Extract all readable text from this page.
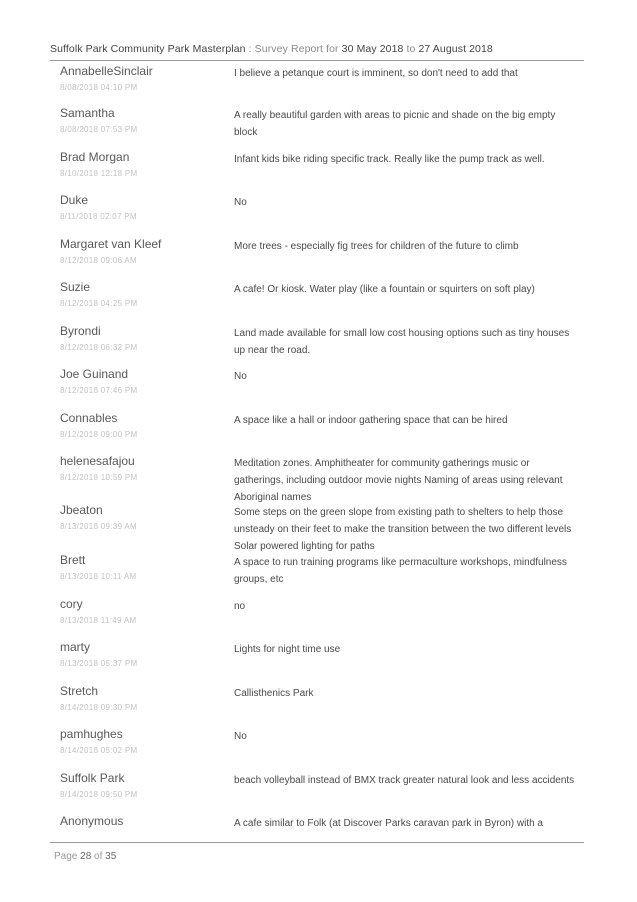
Suffolk Park Community Park Masterplan : Survey Report for 30 May 2018 to 27 August 2018
AnnabelleSinclair
8/08/2018 04:10 PM
I believe a petanque court is imminent, so don't need to add that
Samantha
8/08/2018 07:53 PM
A really beautiful garden with areas to picnic and shade on the big empty block
Brad Morgan
8/10/2018 12:18 PM
Infant kids bike riding specific track. Really like the pump track as well.
Duke
8/11/2018 02:07 PM
No
Margaret van Kleef
8/12/2018 09:06 AM
More trees - especially fig trees for children of the future to climb
Suzie
8/12/2018 04:25 PM
A cafe! Or kiosk. Water play (like a fountain or squirters on soft play)
Byrondi
8/12/2018 06:32 PM
Land made available for small low cost housing options such as tiny houses up near the road.
Joe Guinand
8/12/2018 07:46 PM
No
Connables
8/12/2018 09:00 PM
A space like a hall or indoor gathering space that can be hired
helenesafajou
8/12/2018 10:59 PM
Meditation zones. Amphitheater for community gatherings music or gatherings, including outdoor movie nights Naming of areas using relevant Aboriginal names
Jbeaton
8/13/2018 09:39 AM
Some steps on the green slope from existing path to shelters to help those unsteady on their feet to make the transition between the two different levels Solar powered lighting for paths
Brett
8/13/2018 10:11 AM
A space to run training programs like permaculture workshops, mindfulness groups, etc
cory
8/13/2018 11:49 AM
no
marty
8/13/2018 05:37 PM
Lights for night time use
Stretch
8/14/2018 09:30 PM
Callisthenics Park
pamhughes
8/14/2018 05:02 PM
No
Suffolk Park
8/14/2018 09:50 PM
beach volleyball instead of BMX track greater natural look and less accidents
Anonymous	A cafe similar to Folk (at Discover Parks caravan park in Byron) with a
Page 28 of 35
